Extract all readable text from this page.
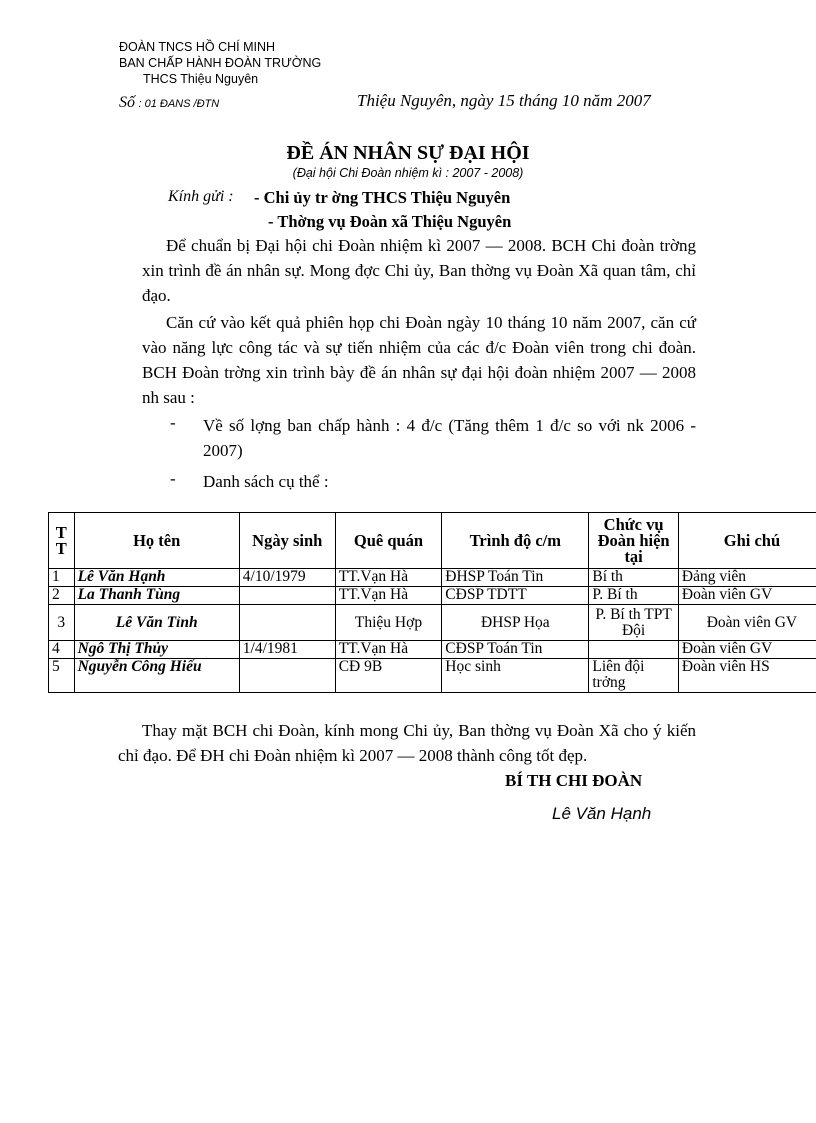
ĐOÀN TNCS HỒ CHÍ MINH
BAN CHẤP HÀNH ĐOÀN TRƯỜNG
THCS Thiệu Nguyên
Số : 01 ĐANS /ĐTN	Thiệu Nguyên, ngày 15 tháng 10 năm 2007
ĐỀ ÁN NHÂN SỰ ĐẠI HỘI
(Đại hội Chi Đoàn nhiệm kì : 2007 - 2008)
Kính gửi : - Chi ủy tr ờng THCS Thiệu Nguyên
- Thờng vụ Đoàn xã Thiệu Nguyên
Để chuẩn bị Đại hội chi Đoàn nhiệm kì 2007 — 2008. BCH Chi đoàn trờng xin trình đề án nhân sự. Mong đợc Chi ủy, Ban thờng vụ Đoàn Xã quan tâm, chỉ đạo.
Căn cứ vào kết quả phiên họp chi Đoàn ngày 10 tháng 10 năm 2007, căn cứ vào năng lực công tác và sự tiến nhiệm của các đ/c Đoàn viên trong chi đoàn. BCH Đoàn trờng xin trình bày đề án nhân sự đại hội đoàn nhiệm 2007 — 2008 nh sau :
- Về số lợng ban chấp hành : 4 đ/c (Tăng thêm 1 đ/c so với nk 2006 - 2007)
- Danh sách cụ thể :
T T	Họ tên	Ngày sinh	Quê quán	Trình độ c/m	Chức vụ Đoàn hiện tại	Ghi chú
1	Lê Văn Hạnh	4/10/1979	TT.Vạn Hà	ĐHSP Toán Tin	Bí th	Đảng viên
2	La Thanh Tùng		TT.Vạn Hà	CĐSP TDTT	P. Bí th	Đoàn viên GV
3	Lê Văn Tỉnh		Thiệu Hợp	ĐHSP Họa	P. Bí th TPT Đội	Đoàn viên GV
4	Ngô Thị Thủy	1/4/1981	TT.Vạn Hà	CĐSP Toán Tin		Đoàn viên GV
5	Nguyễn Công Hiếu		CĐ 9B	Học sinh	Liên đội trởng	Đoàn viên HS
Thay mặt BCH chi Đoàn, kính mong Chi ủy, Ban thờng vụ Đoàn Xã cho ý kiến chỉ đạo. Để ĐH chi Đoàn nhiệm kì 2007 — 2008 thành công tốt đẹp.
BÍ TH CHI ĐOÀN
Lê Văn Hạnh
